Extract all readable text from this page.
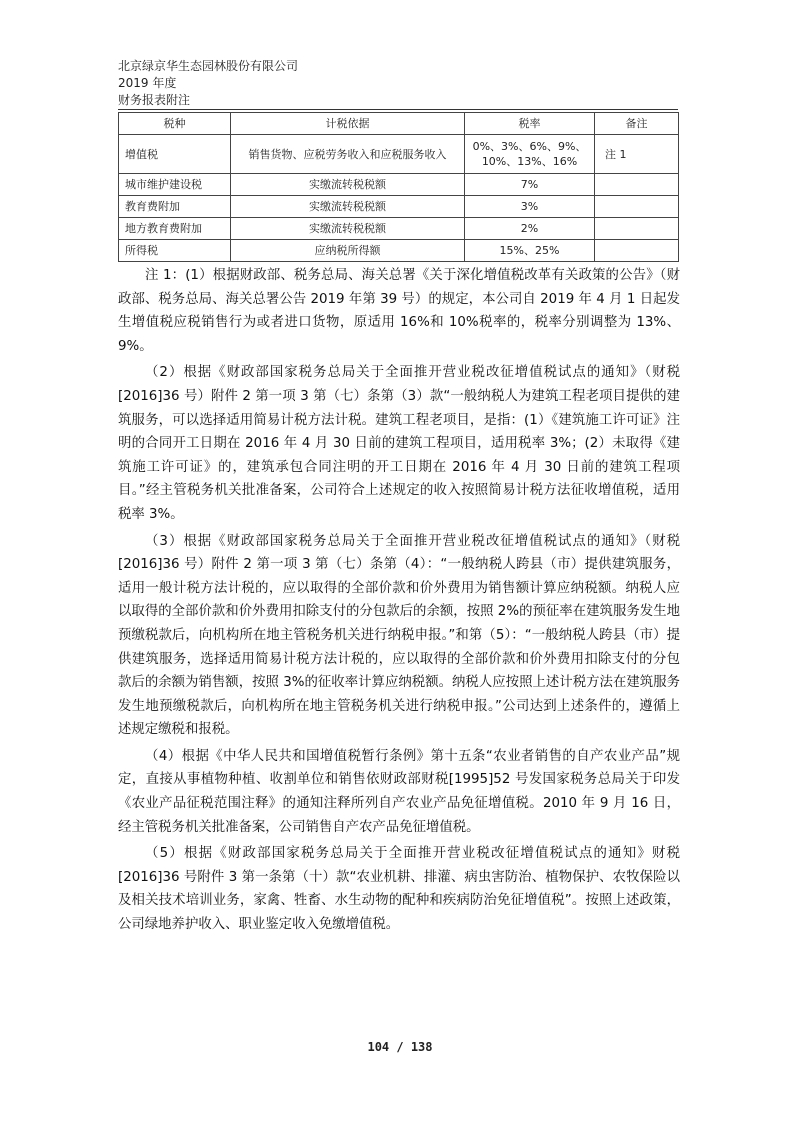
北京绿京华生态园林股份有限公司
2019 年度
财务报表附注
税种	计税依据	税率	备注
增值税	销售货物、应税劳务收入和应税服务收入	0%、3%、6%、9%、
10%、13%、16%	注 1
城市维护建设税	实缴流转税税额	7%	
教育费附加	实缴流转税税额	3%	
地方教育费附加	实缴流转税税额	2%	
所得税	应纳税所得额	15%、25%	

注 1：(1）根据财政部、税务总局、海关总署《关于深化增值税改革有关政策的公告》（财政部、税务总局、海关总署公告 2019 年第 39 号）的规定，本公司自 2019 年 4 月 1 日起发生增值税应税销售行为或者进口货物，原适用 16%和 10%税率的，税率分别调整为 13%、9%。

（2）根据《财政部国家税务总局关于全面推开营业税改征增值税试点的通知》（财税[2016]36 号）附件 2 第一项 3 第（七）条第（3）款“一般纳税人为建筑工程老项目提供的建筑服务，可以选择适用简易计税方法计税。建筑工程老项目，是指：(1）《建筑施工许可证》注明的合同开工日期在 2016 年 4 月 30 日前的建筑工程项目，适用税率 3%；(2）未取得《建筑施工许可证》的，建筑承包合同注明的开工日期在 2016 年 4 月 30 日前的建筑工程项目。”经主管税务机关批准备案，公司符合上述规定的收入按照简易计税方法征收增值税，适用税率 3%。

（3）根据《财政部国家税务总局关于全面推开营业税改征增值税试点的通知》（财税[2016]36 号）附件 2 第一项 3 第（七）条第（4）：“一般纳税人跨县（市）提供建筑服务，适用一般计税方法计税的，应以取得的全部价款和价外费用为销售额计算应纳税额。纳税人应以取得的全部价款和价外费用扣除支付的分包款后的余额，按照 2%的预征率在建筑服务发生地预缴税款后，向机构所在地主管税务机关进行纳税申报。”和第（5）：“一般纳税人跨县（市）提供建筑服务，选择适用简易计税方法计税的，应以取得的全部价款和价外费用扣除支付的分包款后的余额为销售额，按照 3%的征收率计算应纳税额。纳税人应按照上述计税方法在建筑服务发生地预缴税款后，向机构所在地主管税务机关进行纳税申报。”公司达到上述条件的，遵循上述规定缴税和报税。

（4）根据《中华人民共和国增值税暂行条例》第十五条“农业者销售的自产农业产品”规定，直接从事植物种植、收割单位和销售依财政部财税[1995]52 号发国家税务总局关于印发《农业产品征税范围注释》的通知注释所列自产农业产品免征增值税。2010 年 9 月 16 日，经主管税务机关批准备案，公司销售自产农产品免征增值税。

（5）根据《财政部国家税务总局关于全面推开营业税改征增值税试点的通知》财税[2016]36 号附件 3 第一条第（十）款“农业机耕、排灌、病虫害防治、植物保护、农牧保险以及相关技术培训业务，家禽、牲畜、水生动物的配种和疾病防治免征增值税”。按照上述政策，公司绿地养护收入、职业鉴定收入免缴增值税。

104 / 138
